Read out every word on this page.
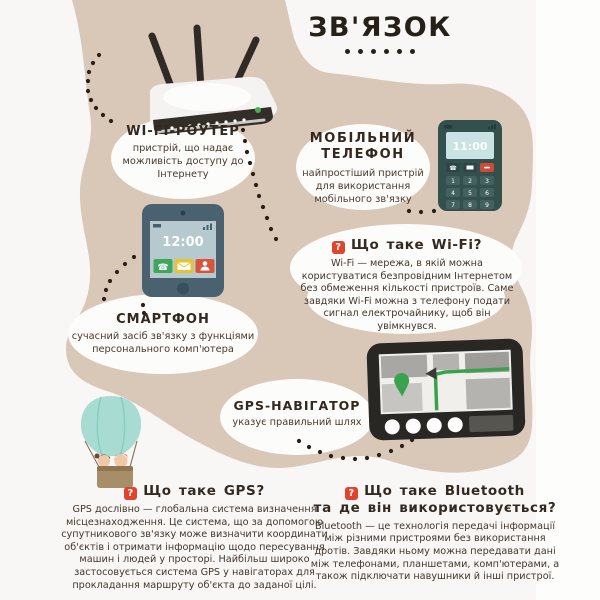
12:00
☎
11:00
☎
1 2 3
4 5 6
7 8 9
ЗВ'ЯЗОК
WI-FI-РОУТЕР
пристрій, що надає можливість доступу до Інтернету
МОБІЛЬНИЙ ТЕЛЕФОН
найпростіший пристрій для використання мобільного зв'язку
СМАРТФОН
сучасний засіб зв'язку з функціями персонального комп'ютера
GPS-НАВІГАТОР
указує правильний шлях
? Що таке Wi-Fi?
Wi-Fi — мережа, в якій можна користуватися безпровідним Інтернетом без обмеження кількості пристроїв. Саме завдяки Wi-Fi можна з телефону подати сигнал електрочайнику, щоб він увімкнувся.
? Що таке GPS?
GPS дослівно — глобальна система визначення місцезнаходження. Це система, що за допомогою супутникового зв'язку може визначити координати об'єктів і отримати інформацію щодо пересування машин і людей у просторі. Найбільш широко застосовується система GPS у навігаторах для прокладання маршруту об'єкта до заданої цілі.
? Що таке Bluetooth
та де він використовується?
Bluetooth — це технологія передачі інформації між різними пристроями без використання дротів. Завдяки ньому можна передавати дані між телефонами, планшетами, комп'ютерами, а також підключати навушники й інші пристрої.
